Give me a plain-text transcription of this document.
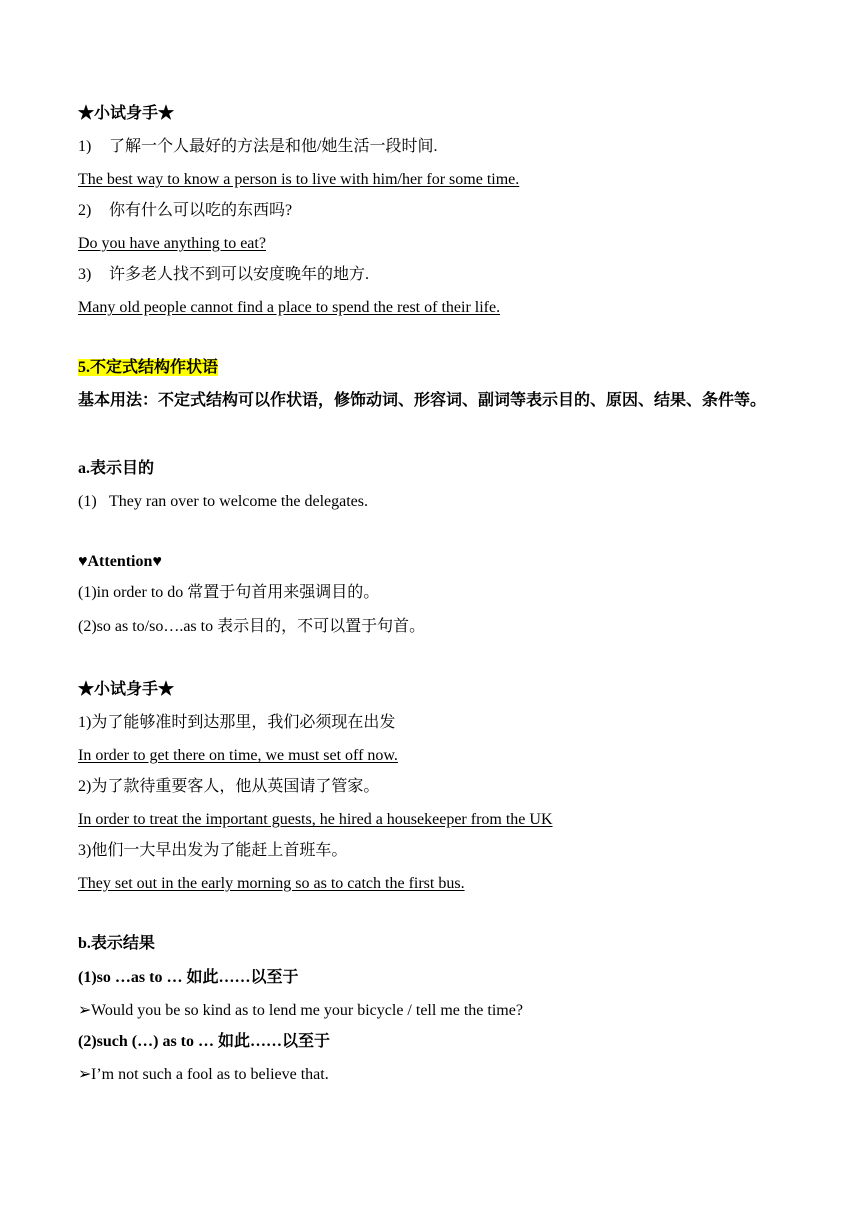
★小试身手★
1) 了解一个人最好的方法是和他/她生活一段时间.
The best way to know a person is to live with him/her for some time.
2) 你有什么可以吃的东西吗?
Do you have anything to eat?
3) 许多老人找不到可以安度晚年的地方.
Many old people cannot find a place to spend the rest of their life.
5.不定式结构作状语
基本用法：不定式结构可以作状语，修饰动词、形容词、副词等表示目的、原因、结果、条件等。
a.表示目的
(1) They ran over to welcome the delegates.
♥Attention♥
(1)in order to do 常置于句首用来强调目的。
(2)so as to/so….as to 表示目的，不可以置于句首。
★小试身手★
1)为了能够准时到达那里，我们必须现在出发
In order to get there on time, we must set off now.
2)为了款待重要客人，他从英国请了管家。
In order to treat the important guests, he hired a housekeeper from the UK
3)他们一大早出发为了能赶上首班车。
They set out in the early morning so as to catch the first bus.
b.表示结果
(1)so …as to … 如此……以至于
➢Would you be so kind as to lend me your bicycle / tell me the time?
(2)such (…) as to … 如此……以至于
➢I’m not such a fool as to believe that.
